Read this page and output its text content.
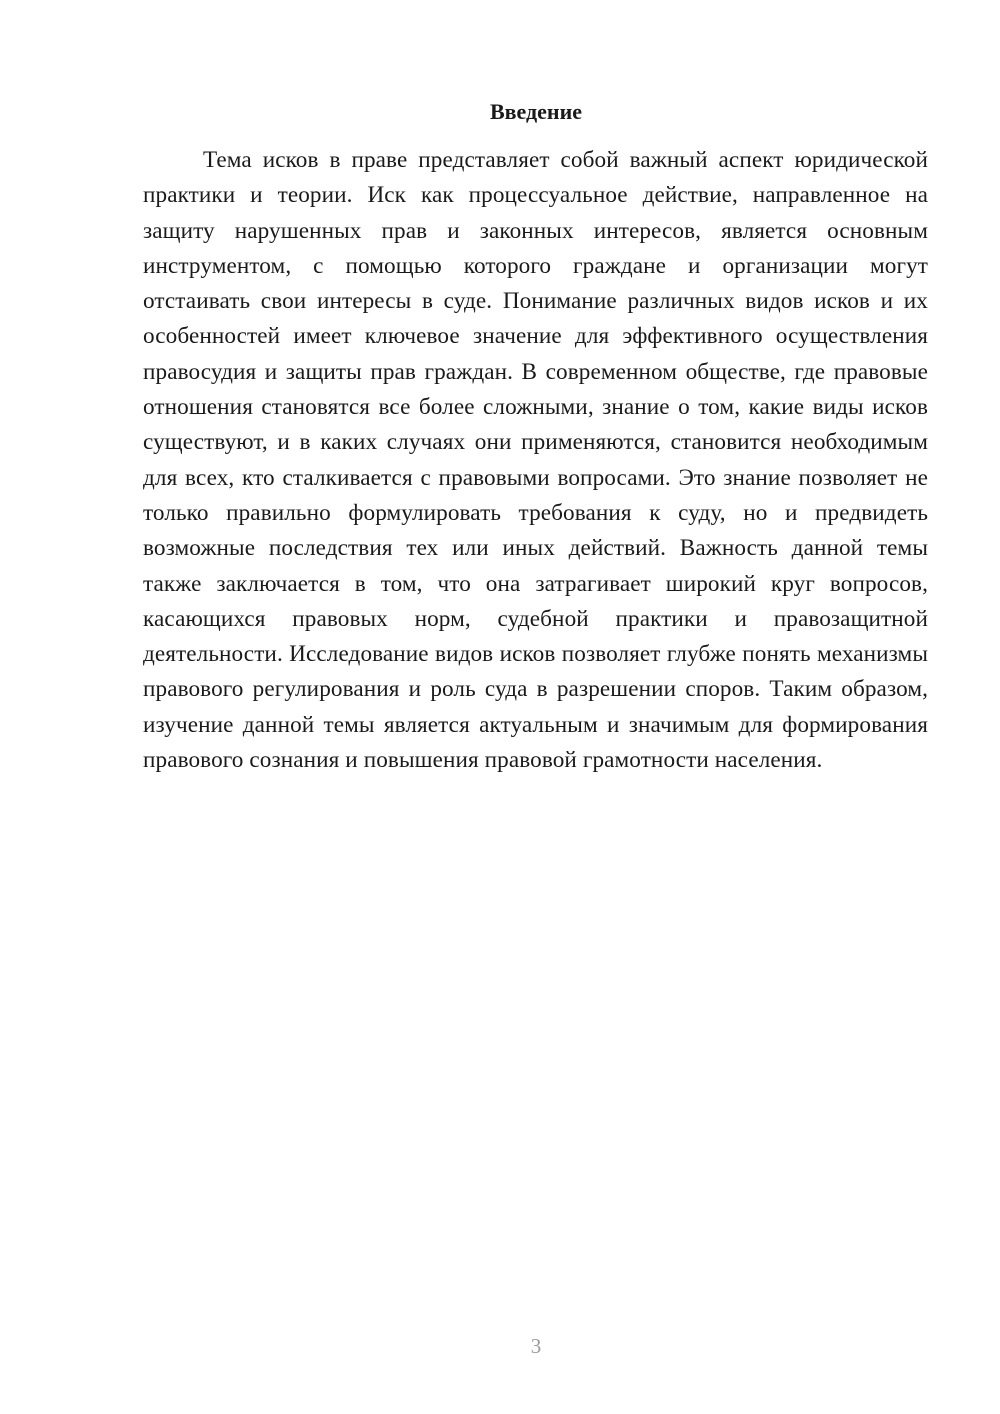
Введение

Тема исков в праве представляет собой важный аспект юридической практики и теории. Иск как процессуальное действие, направленное на защиту нарушенных прав и законных интересов, является основным инструментом, с помощью которого граждане и организации могут отстаивать свои интересы в суде. Понимание различных видов исков и их особенностей имеет ключевое значение для эффективного осуществления правосудия и защиты прав граждан. В современном обществе, где правовые отношения становятся все более сложными, знание о том, какие виды исков существуют, и в каких случаях они применяются, становится необходимым для всех, кто сталкивается с правовыми вопросами. Это знание позволяет не только правильно формулировать требования к суду, но и предвидеть возможные последствия тех или иных действий. Важность данной темы также заключается в том, что она затрагивает широкий круг вопросов, касающихся правовых норм, судебной практики и правозащитной деятельности. Исследование видов исков позволяет глубже понять механизмы правового регулирования и роль суда в разрешении споров. Таким образом, изучение данной темы является актуальным и значимым для формирования правового сознания и повышения правовой грамотности населения.

3
